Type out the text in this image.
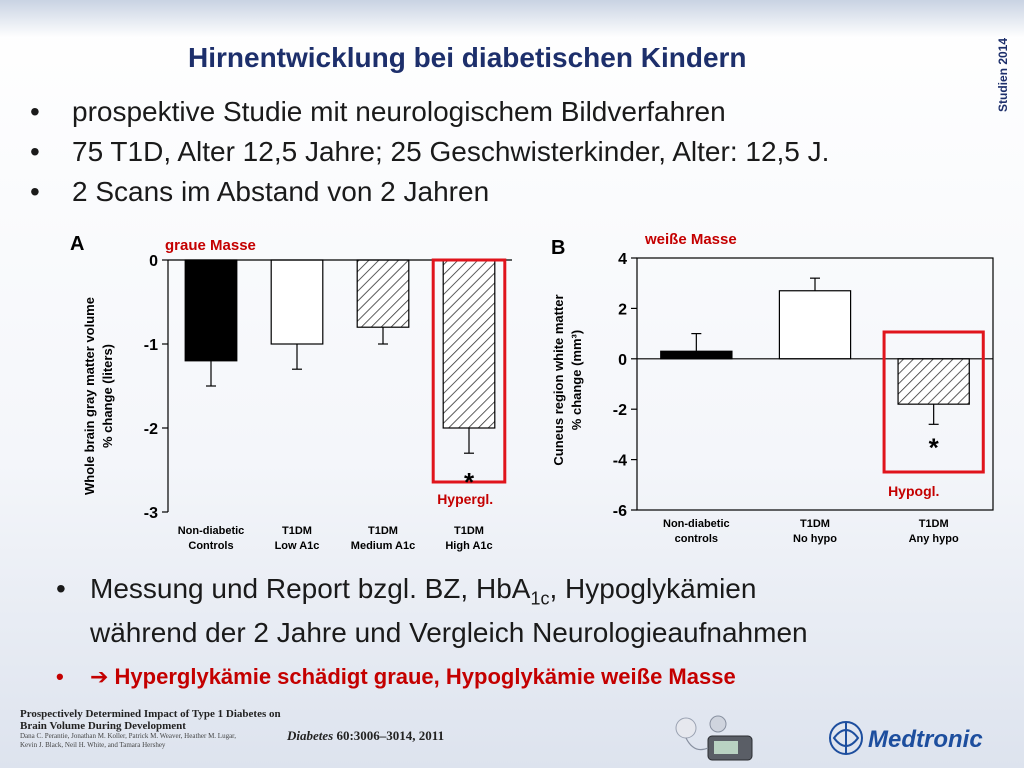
Hirnentwicklung bei diabetischen Kindern	Studien 2014
• prospektive Studie mit neurologischem Bildverfahren
• 75 T1D, Alter 12,5 Jahre; 25 Geschwisterkinder, Alter: 12,5 J.
• 2 Scans im Abstand von 2 Jahren
A	graue Masse
Whole brain gray matter volume % change (liters)
0
-1
-2
-3
Non-diabetic
Controls
T1DM
Low A1c
T1DM
Medium A1c
T1DM
High A1c
Hypergl.
*
B	weiße Masse
Cuneus region white matter % change (mm³)
4
2
0
-2
-4
-6
Non-diabetic
controls
T1DM
No hypo
T1DM
Any hypo
Hypogl.
*
• Messung und Report bzgl. BZ, HbA$_{1c}$, Hypoglykämien
während der 2 Jahre und Vergleich Neurologieaufnahmen
• ➔ Hyperglykämie schädigt graue, Hypoglykämie weiße Masse
Prospectively Determined Impact of Type 1 Diabetes on
Brain Volume During Development
Dana C. Perantie, Jonathan M. Koller, Patrick M. Weaver, Heather M. Lugar,
Kevin J. Black, Neil H. White, and Tamara Hershey
Diabetes 60:3006–3014, 2011	Medtronic
